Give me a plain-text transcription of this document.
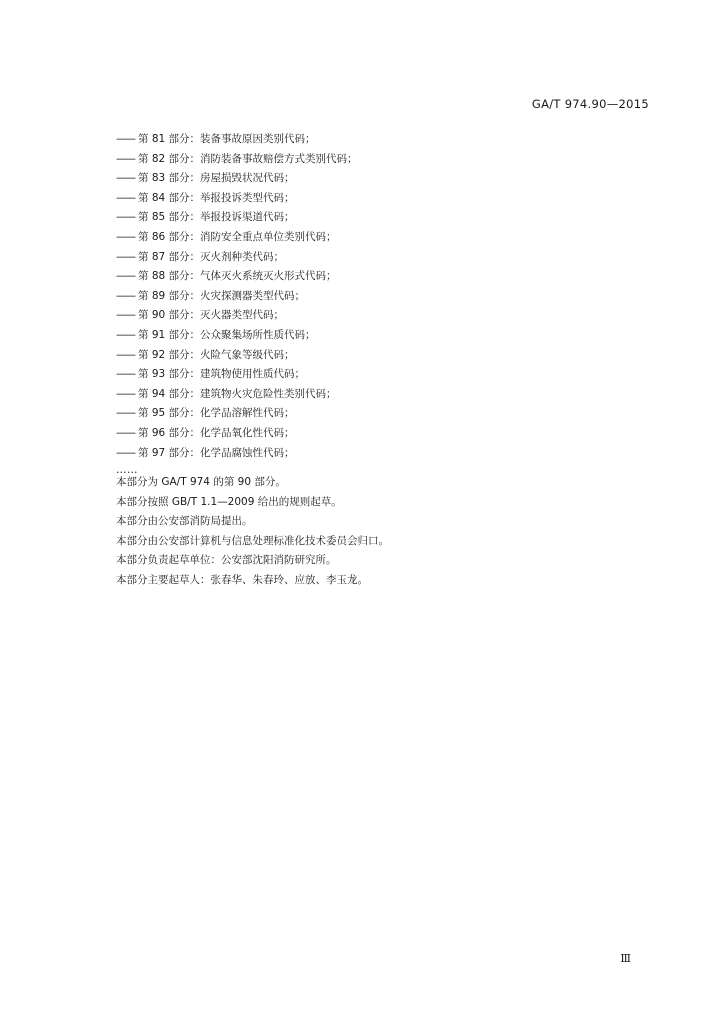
GA/T 974.90—2015
—— 第 81 部分：装备事故原因类别代码；
—— 第 82 部分：消防装备事故赔偿方式类别代码；
—— 第 83 部分：房屋损毁状况代码；
—— 第 84 部分：举报投诉类型代码；
—— 第 85 部分：举报投诉渠道代码；
—— 第 86 部分：消防安全重点单位类别代码；
—— 第 87 部分：灭火剂种类代码；
—— 第 88 部分：气体灭火系统灭火形式代码；
—— 第 89 部分：火灾探测器类型代码；
—— 第 90 部分：灭火器类型代码；
—— 第 91 部分：公众聚集场所性质代码；
—— 第 92 部分：火险气象等级代码；
—— 第 93 部分：建筑物使用性质代码；
—— 第 94 部分：建筑物火灾危险性类别代码；
—— 第 95 部分：化学品溶解性代码；
—— 第 96 部分：化学品氧化性代码；
—— 第 97 部分：化学品腐蚀性代码；
……
本部分为 GA/T 974 的第 90 部分。
本部分按照 GB/T 1.1—2009 给出的规则起草。
本部分由公安部消防局提出。
本部分由公安部计算机与信息处理标准化技术委员会归口。
本部分负责起草单位：公安部沈阳消防研究所。
本部分主要起草人：张春华、朱春玲、应放、李玉龙。
Ⅲ
